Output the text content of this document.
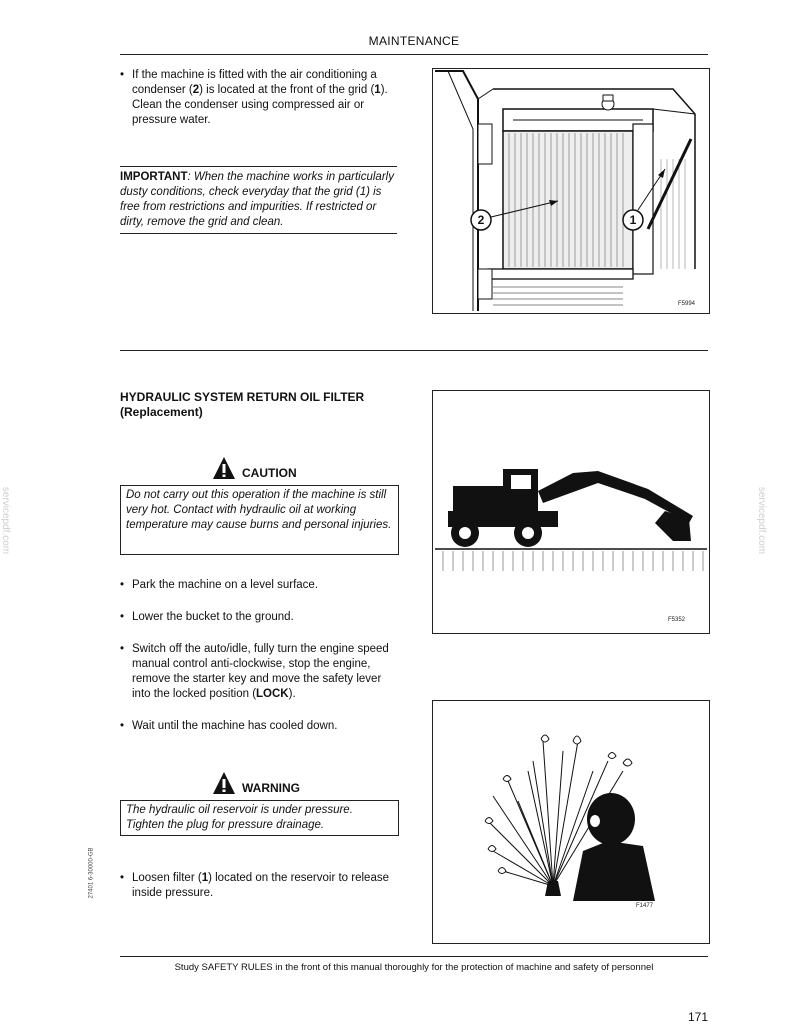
MAINTENANCE
• If the machine is fitted with the air conditioning a condenser (2) is located at the front of the grid (1). Clean the condenser using compressed air or pressure water.
IMPORTANT: When the machine works in particularly dusty conditions, check everyday that the grid (1) is free from restrictions and impurities. If restricted or dirty, remove the grid and clean.	2	1
F5994
HYDRAULIC SYSTEM RETURN OIL FILTER
(Replacement)
CAUTION
Do not carry out this operation if the machine is still very hot. Contact with hydraulic oil at working temperature may cause burns and personal injuries.
• Park the machine on a level surface.
• Lower the bucket to the ground.
• Switch off the auto/idle, fully turn the engine speed manual control anti-clockwise, stop the engine, remove the starter key and move the safety lever into the locked position (LOCK).
• Wait until the machine has cooled down.
WARNING
The hydraulic oil reservoir is under pressure. Tighten the plug for pressure drainage.
• Loosen filter (1) located on the reservoir to release inside pressure.
F5352
F1477
Study SAFETY RULES in the front of this manual thoroughly for the protection of machine and safety of personnel
171
servicepdf.com	servicepdf.com
27401 6-30000-GB
